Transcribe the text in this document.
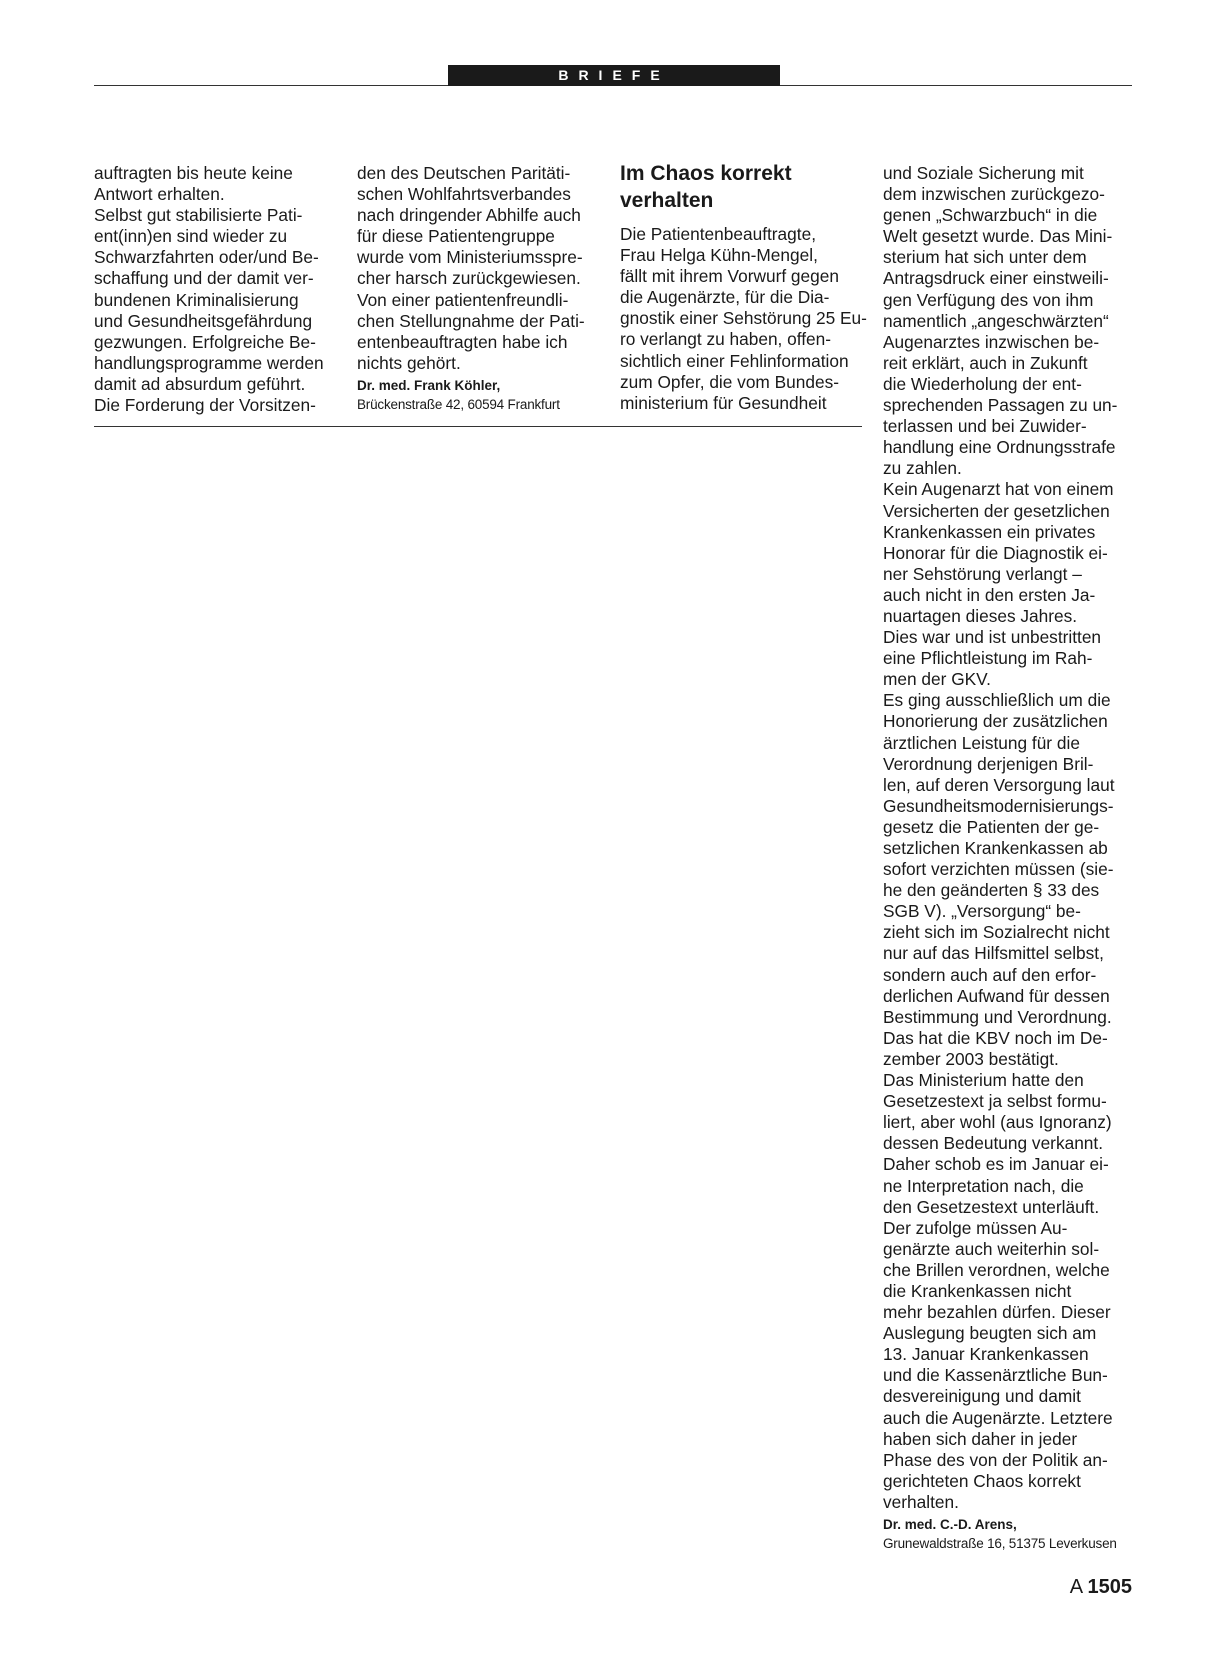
BRIEFE
auftragten bis heute keine
Antwort erhalten.
Selbst gut stabilisierte Pati-
ent(inn)en sind wieder zu
Schwarzfahrten oder/und Be-
schaffung und der damit ver-
bundenen Kriminalisierung
und Gesundheitsgefährdung
gezwungen. Erfolgreiche Be-
handlungsprogramme werden
damit ad absurdum geführt.
Die Forderung der Vorsitzen-
den des Deutschen Paritäti-
schen Wohlfahrtsverbandes
nach dringender Abhilfe auch
für diese Patientengruppe
wurde vom Ministeriumsspre-
cher harsch zurückgewiesen.
Von einer patientenfreundli-
chen Stellungnahme der Pati-
entenbeauftragten habe ich
nichts gehört.
Dr. med. Frank Köhler,
Brückenstraße 42, 60594 Frankfurt
Im Chaos korrekt
verhalten
Die Patientenbeauftragte,
Frau Helga Kühn-Mengel,
fällt mit ihrem Vorwurf gegen
die Augenärzte, für die Dia-
gnostik einer Sehstörung 25 Eu-
ro verlangt zu haben, offen-
sichtlich einer Fehlinformation
zum Opfer, die vom Bundes-
ministerium für Gesundheit
und Soziale Sicherung mit
dem inzwischen zurückgezo-
genen „Schwarzbuch“ in die
Welt gesetzt wurde. Das Mini-
sterium hat sich unter dem
Antragsdruck einer einstweili-
gen Verfügung des von ihm
namentlich „angeschwärzten“
Augenarztes inzwischen be-
reit erklärt, auch in Zukunft
die Wiederholung der ent-
sprechenden Passagen zu un-
terlassen und bei Zuwider-
handlung eine Ordnungsstrafe
zu zahlen.
Kein Augenarzt hat von einem
Versicherten der gesetzlichen
Krankenkassen ein privates
Honorar für die Diagnostik ei-
ner Sehstörung verlangt –
auch nicht in den ersten Ja-
nuartagen dieses Jahres.
Dies war und ist unbestritten
eine Pflichtleistung im Rah-
men der GKV.
Es ging ausschließlich um die
Honorierung der zusätzlichen
ärztlichen Leistung für die
Verordnung derjenigen Bril-
len, auf deren Versorgung laut
Gesundheitsmodernisierungs-
gesetz die Patienten der ge-
setzlichen Krankenkassen ab
sofort verzichten müssen (sie-
he den geänderten § 33 des
SGB V). „Versorgung“ be-
zieht sich im Sozialrecht nicht
nur auf das Hilfsmittel selbst,
sondern auch auf den erfor-
derlichen Aufwand für dessen
Bestimmung und Verordnung.
Das hat die KBV noch im De-
zember 2003 bestätigt.
Das Ministerium hatte den
Gesetzestext ja selbst formu-
liert, aber wohl (aus Ignoranz)
dessen Bedeutung verkannt.
Daher schob es im Januar ei-
ne Interpretation nach, die
den Gesetzestext unterläuft.
Der zufolge müssen Au-
genärzte auch weiterhin sol-
che Brillen verordnen, welche
die Krankenkassen nicht
mehr bezahlen dürfen. Dieser
Auslegung beugten sich am
13. Januar Krankenkassen
und die Kassenärztliche Bun-
desvereinigung und damit
auch die Augenärzte. Letztere
haben sich daher in jeder
Phase des von der Politik an-
gerichteten Chaos korrekt
verhalten.
Dr. med. C.-D. Arens,
Grunewaldstraße 16, 51375 Leverkusen
A 1505
